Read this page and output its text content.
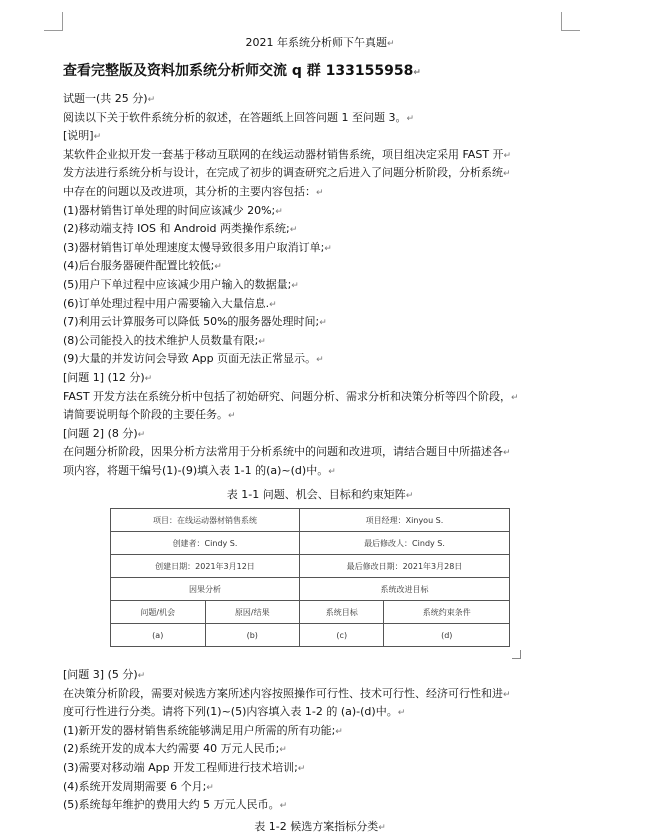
2021 年系统分析师下午真题↵
查看完整版及资料加系统分析师交流 q 群 133155958↵
试题一(共 25 分)↵
阅读以下关于软件系统分析的叙述，在答题纸上回答问题 1 至问题 3。↵
[说明]↵
某软件企业拟开发一套基于移动互联网的在线运动器材销售系统，项目组决定采用 FAST 开↵
发方法进行系统分析与设计，在完成了初步的调查研究之后进入了问题分析阶段，分析系统↵
中存在的问题以及改进项，其分析的主要内容包括：↵
(1)器材销售订单处理的时间应该减少 20%;↵
(2)移动端支持 IOS 和 Android 两类操作系统;↵
(3)器材销售订单处理速度太慢导致很多用户取消订单;↵
(4)后台服务器硬件配置比较低;↵
(5)用户下单过程中应该减少用户输入的数据量;↵
(6)订单处理过程中用户需要输入大量信息.↵
(7)利用云计算服务可以降低 50%的服务器处理时间;↵
(8)公司能投入的技术维护人员数量有限;↵
(9)大量的并发访问会导致 App 页面无法正常显示。↵
[问题 1] (12 分)↵
FAST 开发方法在系统分析中包括了初始研究、问题分析、需求分析和决策分析等四个阶段，↵
请简要说明每个阶段的主要任务。↵
[问题 2] (8 分)↵
在问题分析阶段，因果分析方法常用于分析系统中的问题和改进项，请结合题目中所描述各↵
项内容，将题干编号(1)-(9)填入表 1-1 的(a)~(d)中。↵
表 1-1 问题、机会、目标和约束矩阵↵
项目：在线运动器材销售系统		项目经理：Xinyou S.	
创建者：Cindy S.		最后修改人：Cindy S.	
创建日期：2021年3月12日		最后修改日期：2021年3月28日	
因果分析		系统改进目标	
问题/机会	原因/结果	系统目标	系统约束条件
(a)	(b)	(c)	(d)
[问题 3] (5 分)↵
在决策分析阶段，需要对候选方案所述内容按照操作可行性、技术可行性、经济可行性和进↵
度可行性进行分类。请将下列(1)~(5)内容填入表 1-2 的 (a)-(d)中。↵
(1)新开发的器材销售系统能够满足用户所需的所有功能;↵
(2)系统开发的成本大约需要 40 万元人民币;↵
(3)需要对移动端 App 开发工程师进行技术培训;↵
(4)系统开发周期需要 6 个月;↵
(5)系统每年维护的费用大约 5 万元人民币。↵
表 1-2 候选方案指标分类↵
